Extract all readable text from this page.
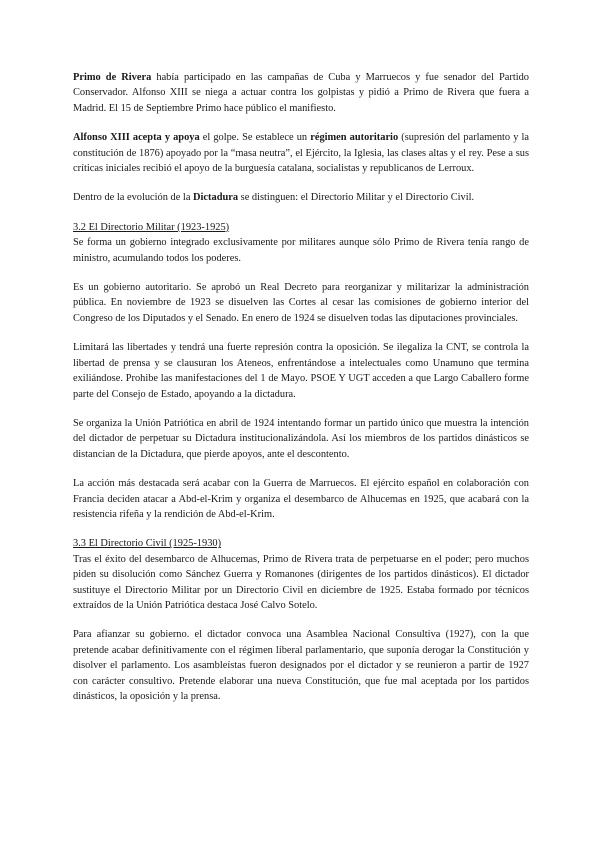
Primo de Rivera había participado en las campañas de Cuba y Marruecos y fue senador del Partido Conservador. Alfonso XIII se niega a actuar contra los golpistas y pidió a Primo de Rivera que fuera a Madrid. El 15 de Septiembre Primo hace público el manifiesto.

Alfonso XIII acepta y apoya el golpe. Se establece un régimen autoritario (supresión del parlamento y la constitución de 1876) apoyado por la “masa neutra”, el Ejército, la Iglesia, las clases altas y el rey. Pese a sus críticas iniciales recibió el apoyo de la burguesía catalana, socialistas y republicanos de Lerroux.

Dentro de la evolución de la Dictadura se distinguen: el Directorio Militar y el Directorio Civil.

3.2 El Directorio Militar (1923-1925)

Se forma un gobierno integrado exclusivamente por militares aunque sólo Primo de Rivera tenía rango de ministro, acumulando todos los poderes.

Es un gobierno autoritario. Se aprobó un Real Decreto para reorganizar y militarizar la administración pública. En noviembre de 1923 se disuelven las Cortes al cesar las comisiones de gobierno interior del Congreso de los Diputados y el Senado. En enero de 1924 se disuelven todas las diputaciones provinciales.

Limitará las libertades y tendrá una fuerte represión contra la oposición. Se ilegaliza la CNT, se controla la libertad de prensa y se clausuran los Ateneos, enfrentándose a intelectuales como Unamuno que termina exiliándose. Prohibe las manifestaciones del 1 de Mayo. PSOE Y UGT acceden a que Largo Caballero forme parte del Consejo de Estado, apoyando a la dictadura.

Se organiza la Unión Patriótica en abril de 1924 intentando formar un partido único que muestra la intención del dictador de perpetuar su Dictadura institucionalizándola. Así los miembros de los partidos dinásticos se distancian de la Dictadura, que pierde apoyos, ante el descontento.

La acción más destacada será acabar con la Guerra de Marruecos. El ejército español en colaboración con Francia deciden atacar a Abd-el-Krim y organiza el desembarco de Alhucemas en 1925, que acabará con la resistencia rifeña y la rendición de Abd-el-Krim.

3.3 El Directorio Civil (1925-1930)

Tras el éxito del desembarco de Alhucemas, Primo de Rivera trata de perpetuarse en el poder; pero muchos piden su disolución como Sánchez Guerra y Romanones (dirigentes de los partidos dinásticos). El dictador sustituye el Directorio Militar por un Directorio Civil en diciembre de 1925. Estaba formado por técnicos extraídos de la Unión Patriótica destaca José Calvo Sotelo.

Para afianzar su gobierno. el dictador convoca una Asamblea Nacional Consultiva (1927), con la que pretende acabar definitivamente con el régimen liberal parlamentario, que suponía derogar la Constitución y disolver el parlamento. Los asambleístas fueron designados por el dictador y se reunieron a partir de 1927 con carácter consultivo. Pretende elaborar una nueva Constitución, que fue mal aceptada por los partidos dinásticos, la oposición y la prensa.
